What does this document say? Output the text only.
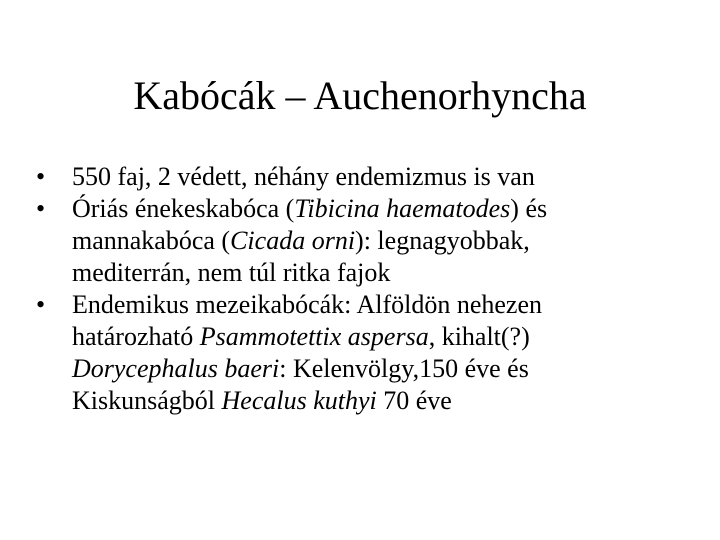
Kabócák – Auchenorhyncha
•	550 faj, 2 védett, néhány endemizmus is van
•	Óriás énekeskabóca (Tibicina haematodes) és
mannakabóca (Cicada orni): legnagyobbak,
mediterrán, nem túl ritka fajok
•	Endemikus mezeikabócák: Alföldön nehezen
határozható Psammotettix aspersa, kihalt(?)
Dorycephalus baeri: Kelenvölgy,150 éve és
Kiskunságból Hecalus kuthyi 70 éve
